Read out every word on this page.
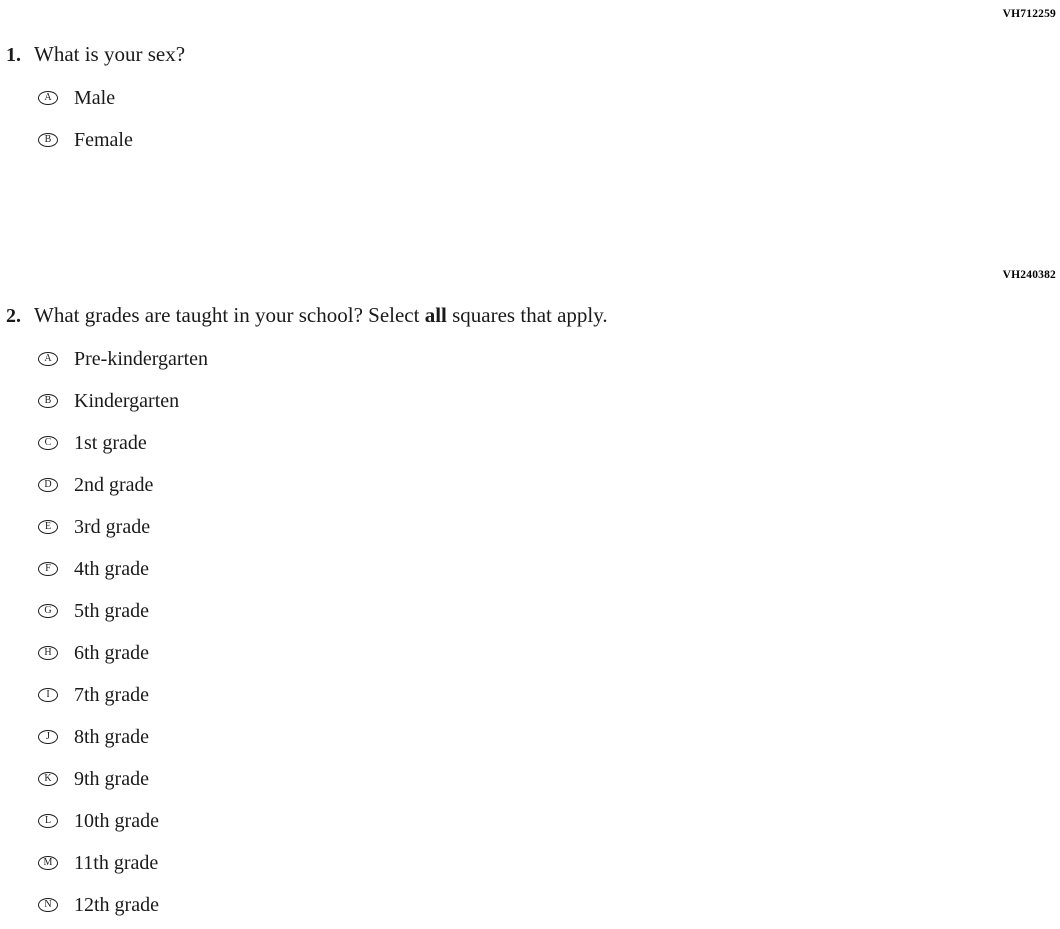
VH712259
1. What is your sex?
A	Male
B	Female
VH240382
2. What grades are taught in your school? Select all squares that apply.
A	Pre-kindergarten
B	Kindergarten
C	1st grade
D	2nd grade
E	3rd grade
F	4th grade
G	5th grade
H	6th grade
I	7th grade
J	8th grade
K	9th grade
L	10th grade
M 11th grade
N	12th grade
